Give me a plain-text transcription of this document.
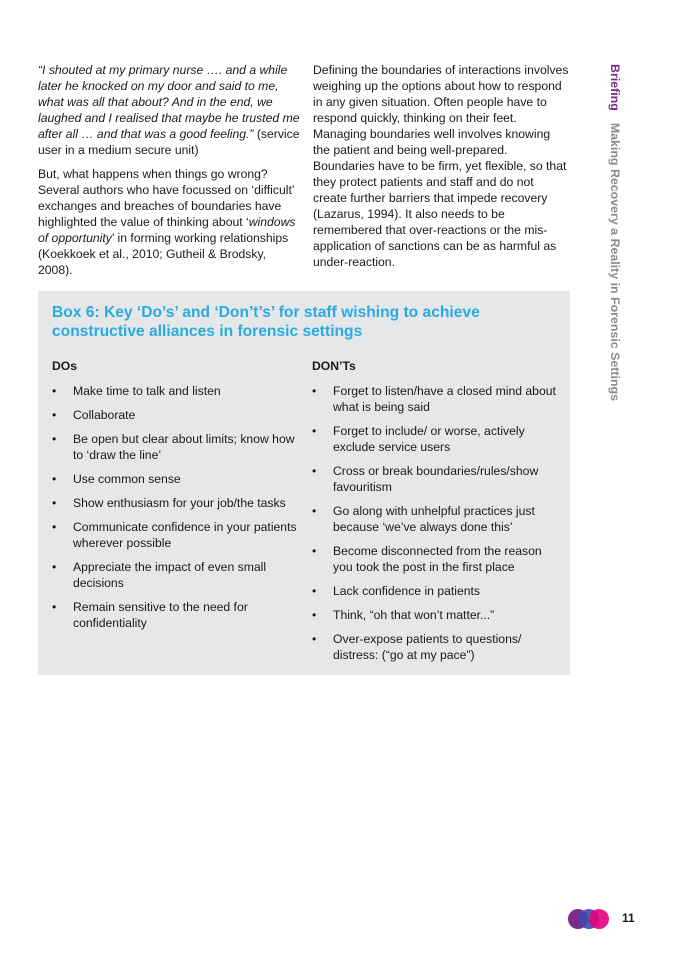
“I shouted at my primary nurse …. and a while later he knocked on my door and said to me, what was all that about? And in the end, we laughed and I realised that maybe he trusted me after all … and that was a good feeling.” (service user in a medium secure unit)

But, what happens when things go wrong? Several authors who have focussed on ‘difficult’ exchanges and breaches of boundaries have highlighted the value of thinking about ‘windows of opportunity’ in forming working relationships (Koekkoek et al., 2010; Gutheil & Brodsky, 2008).

Defining the boundaries of interactions involves weighing up the options about how to respond in any given situation. Often people have to respond quickly, thinking on their feet. Managing boundaries well involves knowing the patient and being well-prepared. Boundaries have to be firm, yet flexible, so that they protect patients and staff and do not create further barriers that impede recovery (Lazarus, 1994). It also needs to be remembered that over-reactions or the mis-application of sanctions can be as harmful as under-reaction.

Box 6: Key ‘Do’s’ and ‘Don’t’s’ for staff wishing to achieve constructive alliances in forensic settings
DOs
• Make time to talk and listen
• Collaborate
• Be open but clear about limits; know how to ‘draw the line’
• Use common sense
• Show enthusiasm for your job/the tasks
• Communicate confidence in your patients wherever possible
• Appreciate the impact of even small decisions
• Remain sensitive to the need for confidentiality
DON’Ts
• Forget to listen/have a closed mind about what is being said
• Forget to include/ or worse, actively exclude service users
• Cross or break boundaries/rules/show favouritism
• Go along with unhelpful practices just because ‘we’ve always done this’
• Become disconnected from the reason you took the post in the first place
• Lack confidence in patients
• Think, “oh that won’t matter...”
• Over-expose patients to questions/ distress: (“go at my pace”)
BriefingMaking Recovery a Reality in Forensic Settings
11
